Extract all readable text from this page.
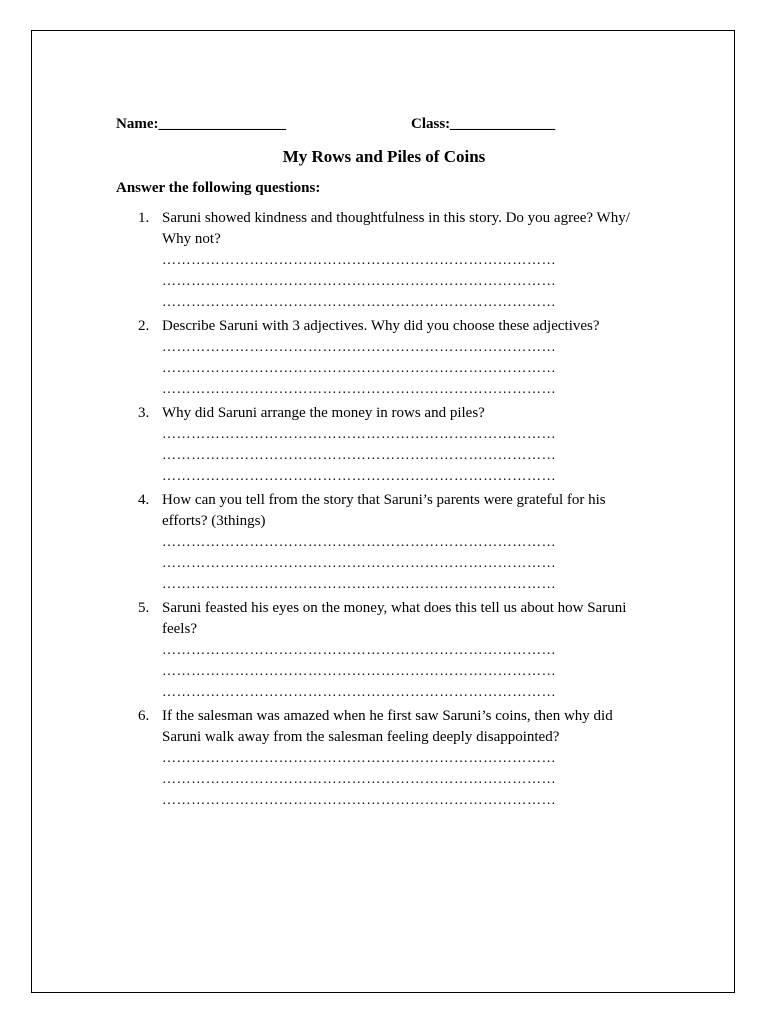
Name:_________________	Class:______________
My Rows and Piles of Coins
Answer the following questions:
1. Saruni showed kindness and thoughtfulness in this story. Do you agree? Why/ Why not?
………………………………………………………………………
………………………………………………………………………
………………………………………………………………………
2. Describe Saruni with 3 adjectives. Why did you choose these adjectives?
………………………………………………………………………
………………………………………………………………………
………………………………………………………………………
3. Why did Saruni arrange the money in rows and piles?
………………………………………………………………………
………………………………………………………………………
………………………………………………………………………
4. How can you tell from the story that Saruni’s parents were grateful for his efforts? (3things)
………………………………………………………………………
………………………………………………………………………
………………………………………………………………………
5. Saruni feasted his eyes on the money, what does this tell us about how Saruni feels?
………………………………………………………………………
………………………………………………………………………
………………………………………………………………………
6. If the salesman was amazed when he first saw Saruni’s coins, then why did Saruni walk away from the salesman feeling deeply disappointed?
………………………………………………………………………
………………………………………………………………………
………………………………………………………………………
